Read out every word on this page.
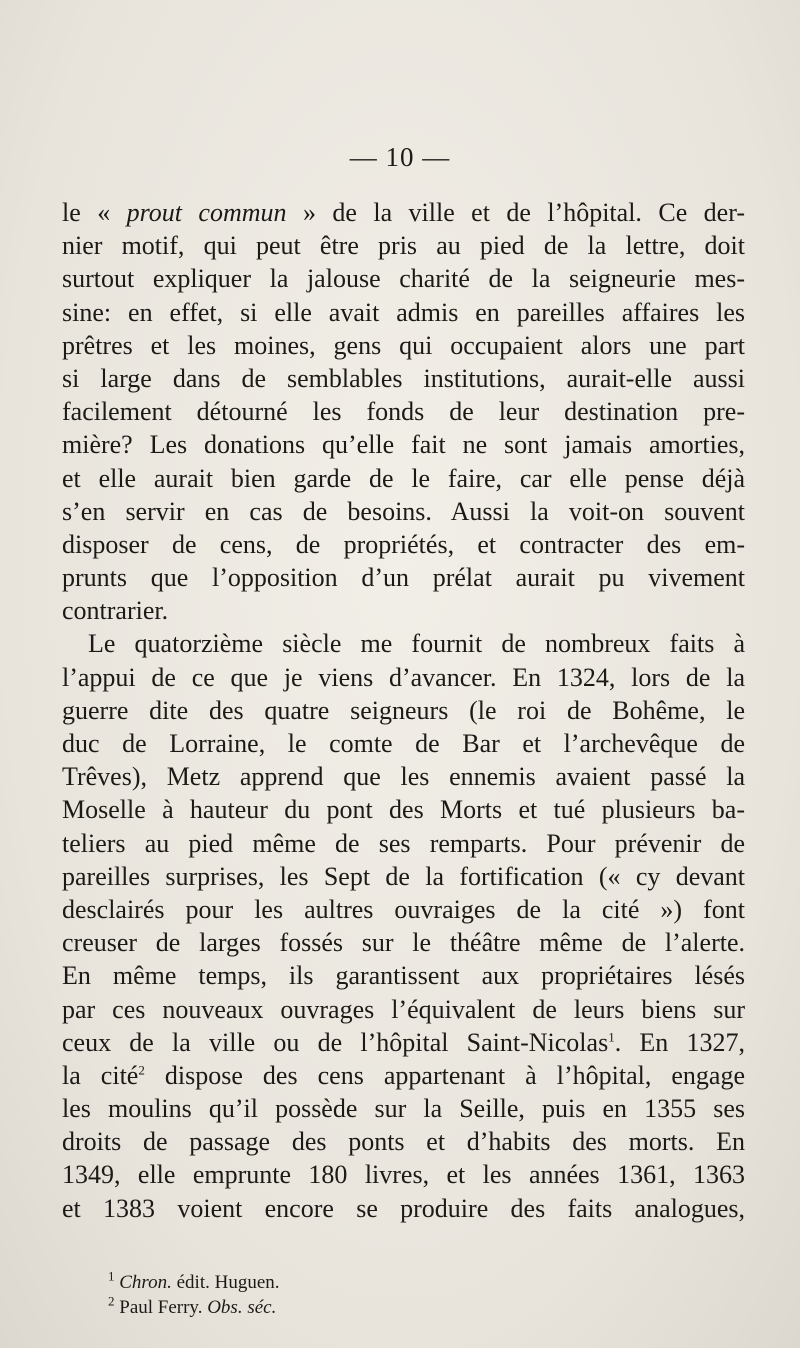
— 10 —
le « prout commun » de la ville et de l’hôpital. Ce der-
nier motif, qui peut être pris au pied de la lettre, doit
surtout expliquer la jalouse charité de la seigneurie mes-
sine: en effet, si elle avait admis en pareilles affaires les
prêtres et les moines, gens qui occupaient alors une part
si large dans de semblables institutions, aurait-elle aussi
facilement détourné les fonds de leur destination pre-
mière? Les donations qu’elle fait ne sont jamais amorties,
et elle aurait bien garde de le faire, car elle pense déjà
s’en servir en cas de besoins. Aussi la voit-on souvent
disposer de cens, de propriétés, et contracter des em-
prunts que l’opposition d’un prélat aurait pu vivement
contrarier.
Le quatorzième siècle me fournit de nombreux faits à
l’appui de ce que je viens d’avancer. En 1324, lors de la
guerre dite des quatre seigneurs (le roi de Bohême, le
duc de Lorraine, le comte de Bar et l’archevêque de
Trêves), Metz apprend que les ennemis avaient passé la
Moselle à hauteur du pont des Morts et tué plusieurs ba-
teliers au pied même de ses remparts. Pour prévenir de
pareilles surprises, les Sept de la fortification (« cy devant
desclairés pour les aultres ouvraiges de la cité ») font
creuser de larges fossés sur le théâtre même de l’alerte.
En même temps, ils garantissent aux propriétaires lésés
par ces nouveaux ouvrages l’équivalent de leurs biens sur
ceux de la ville ou de l’hôpital Saint-Nicolas$^1$. En 1327,
la cité$^2$ dispose des cens appartenant à l’hôpital, engage
les moulins qu’il possède sur la Seille, puis en 1355 ses
droits de passage des ponts et d’habits des morts. En
1349, elle emprunte 180 livres, et les années 1361, 1363
et 1383 voient encore se produire des faits analogues,
$^1$ Chron. édit. Huguen.
$^2$ Paul Ferry. Obs. séc.
